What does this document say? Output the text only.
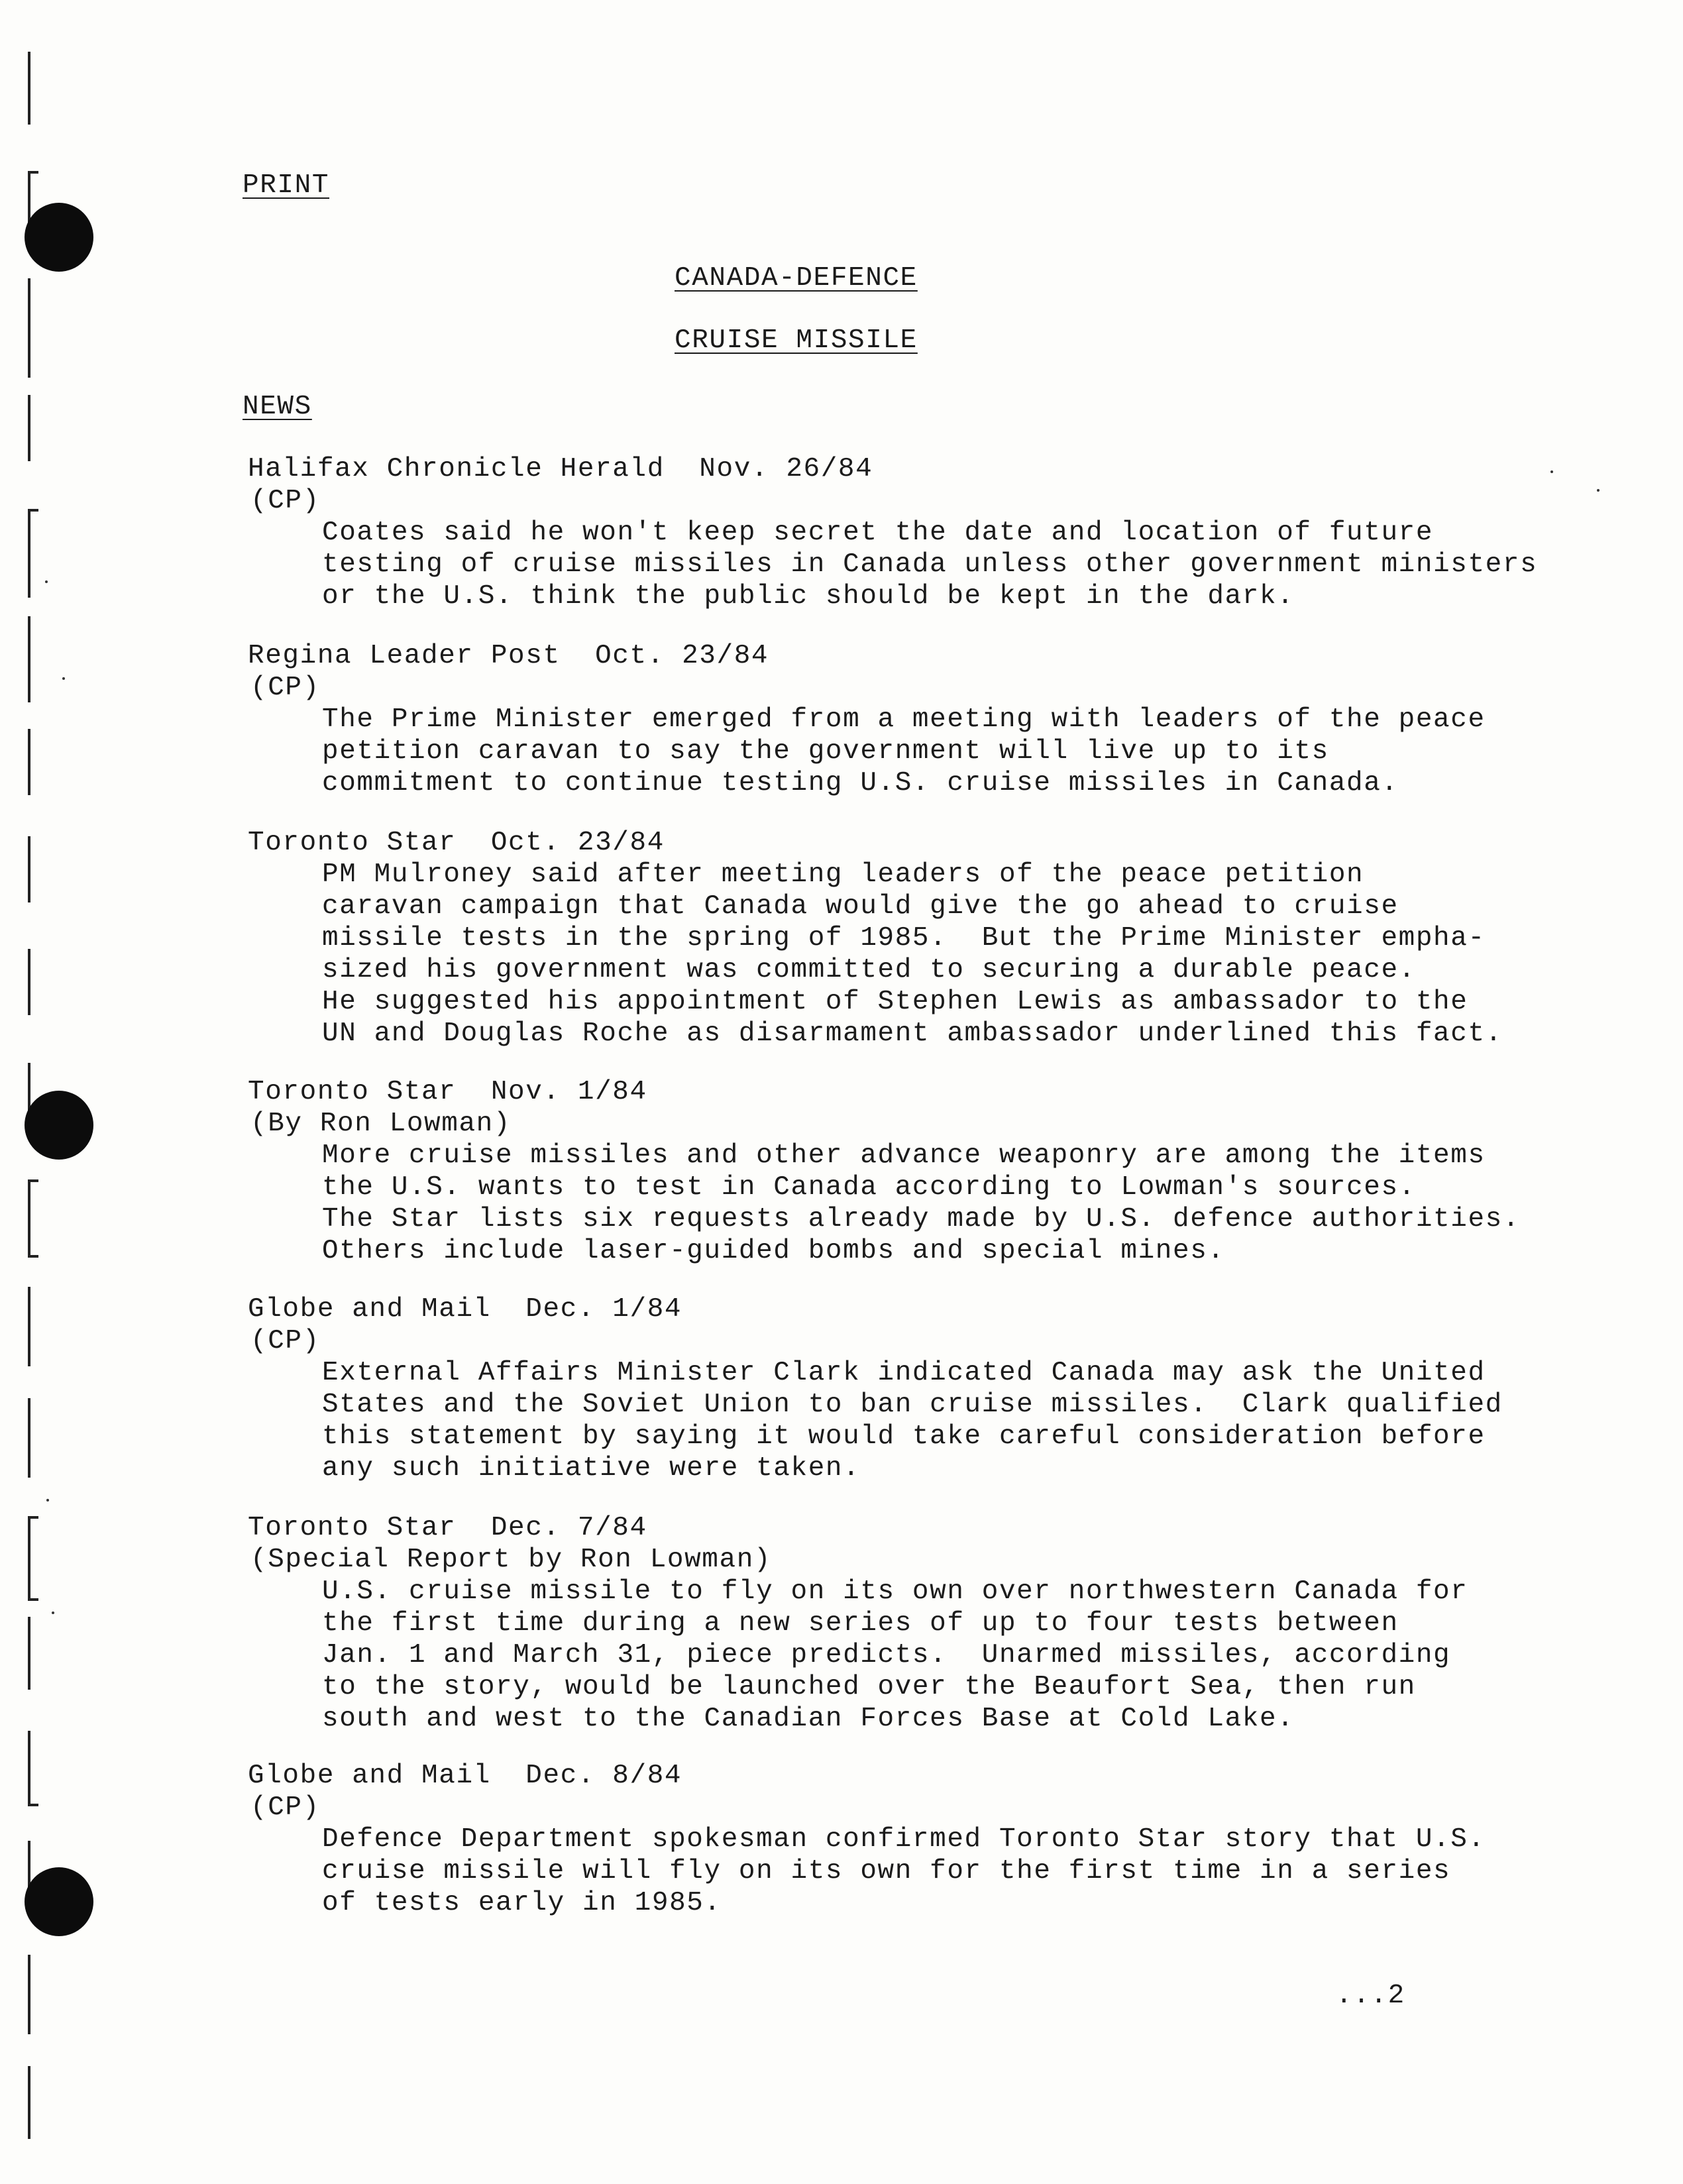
PRINT
CANADA-DEFENCE
CRUISE MISSILE
NEWS
Halifax Chronicle Herald  Nov. 26/84
(CP)
Coates said he won't keep secret the date and location of future
testing of cruise missiles in Canada unless other government ministers
or the U.S. think the public should be kept in the dark.
Regina Leader Post  Oct. 23/84
(CP)
The Prime Minister emerged from a meeting with leaders of the peace
petition caravan to say the government will live up to its
commitment to continue testing U.S. cruise missiles in Canada.
Toronto Star  Oct. 23/84
PM Mulroney said after meeting leaders of the peace petition
caravan campaign that Canada would give the go ahead to cruise
missile tests in the spring of 1985.  But the Prime Minister empha-
sized his government was committed to securing a durable peace.
He suggested his appointment of Stephen Lewis as ambassador to the
UN and Douglas Roche as disarmament ambassador underlined this fact.
Toronto Star  Nov. 1/84
(By Ron Lowman)
More cruise missiles and other advance weaponry are among the items
the U.S. wants to test in Canada according to Lowman's sources.
The Star lists six requests already made by U.S. defence authorities.
Others include laser-guided bombs and special mines.
Globe and Mail  Dec. 1/84
(CP)
External Affairs Minister Clark indicated Canada may ask the United
States and the Soviet Union to ban cruise missiles.  Clark qualified
this statement by saying it would take careful consideration before
any such initiative were taken.
Toronto Star  Dec. 7/84
(Special Report by Ron Lowman)
U.S. cruise missile to fly on its own over northwestern Canada for
the first time during a new series of up to four tests between
Jan. 1 and March 31, piece predicts.  Unarmed missiles, according
to the story, would be launched over the Beaufort Sea, then run
south and west to the Canadian Forces Base at Cold Lake.
Globe and Mail  Dec. 8/84
(CP)
Defence Department spokesman confirmed Toronto Star story that U.S.
cruise missile will fly on its own for the first time in a series
of tests early in 1985.
...2
